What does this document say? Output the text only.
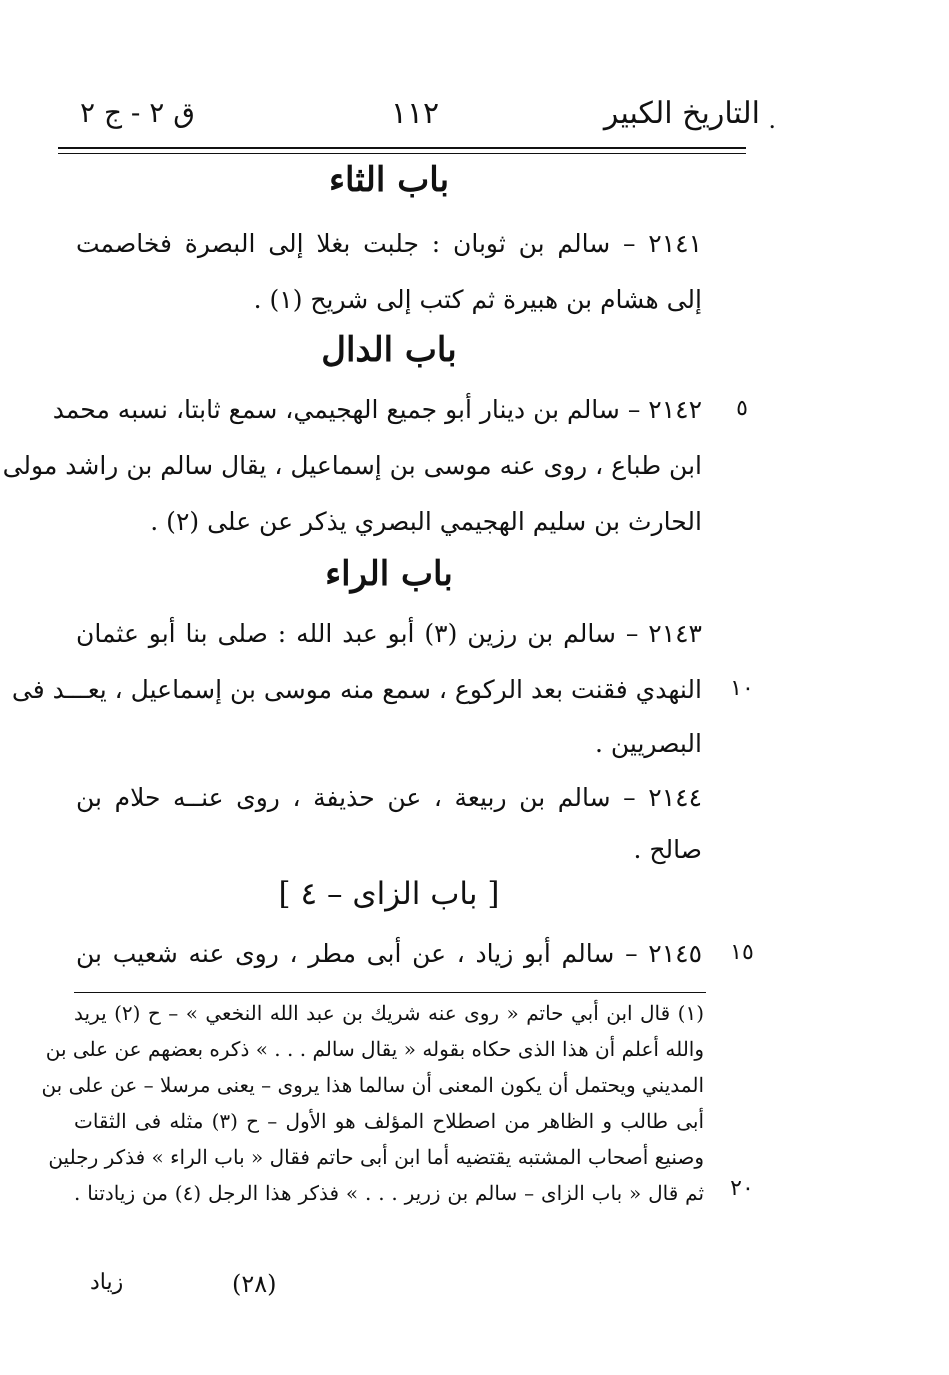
.
التاريخ الكبير
١١٢
ق ٢ - ج ٢
باب الثاء
٢١٤١ – سالم بن ثوبان : جلبت بغلا إلى البصرة فخاصمت
إلى هشام بن هبيرة ثم كتب إلى شريح (١) .
باب الدال
٢١٤٢ – سالم بن دينار أبو جميع الهجيمي، سمع ثابتا، نسبه محمد
ابن طباع ، روى عنه موسى بن إسماعيل ، يقال سالم بن راشد مولى
الحارث بن سليم الهجيمي البصري يذكر عن على (٢) .
٥
باب الراء
٢١٤٣ – سالم بن رزين (٣) أبو عبد الله : صلى بنا أبو عثمان
النهدي فقنت بعد الركوع ، سمع منه موسى بن إسماعيل ، يعـــد فى
البصريين .
١٠
٢١٤٤ – سالم بن ربيعة ، عن حذيفة ، روى عنــه حلام بن
صالح .
[ باب الزاى – ٤ ]
٢١٤٥ – سالم أبو زياد ، عن أبى مطر ، روى عنه شعيب بن	١٥
(١) قال ابن أبي حاتم « روى عنه شريك بن عبد الله النخعي » – ح (٢) يريد
والله أعلم أن هذا الذى حكاه بقوله « يقال سالم . . . » ذكره بعضهم عن على بن
المديني ويحتمل أن يكون المعنى أن سالما هذا يروى – يعنى مرسلا – عن على بن
أبى طالب و الظاهر من اصطلاح المؤلف هو الأول – ح (٣) مثله فى الثقات
وصنيع أصحاب المشتبه يقتضيه أما ابن أبى حاتم فقال « باب الراء » فذكر رجلين
ثم قال « باب الزاى – سالم بن زرير . . . » فذكر هذا الرجل (٤) من زيادتنا .	٢٠
(٢٨)
زياد
